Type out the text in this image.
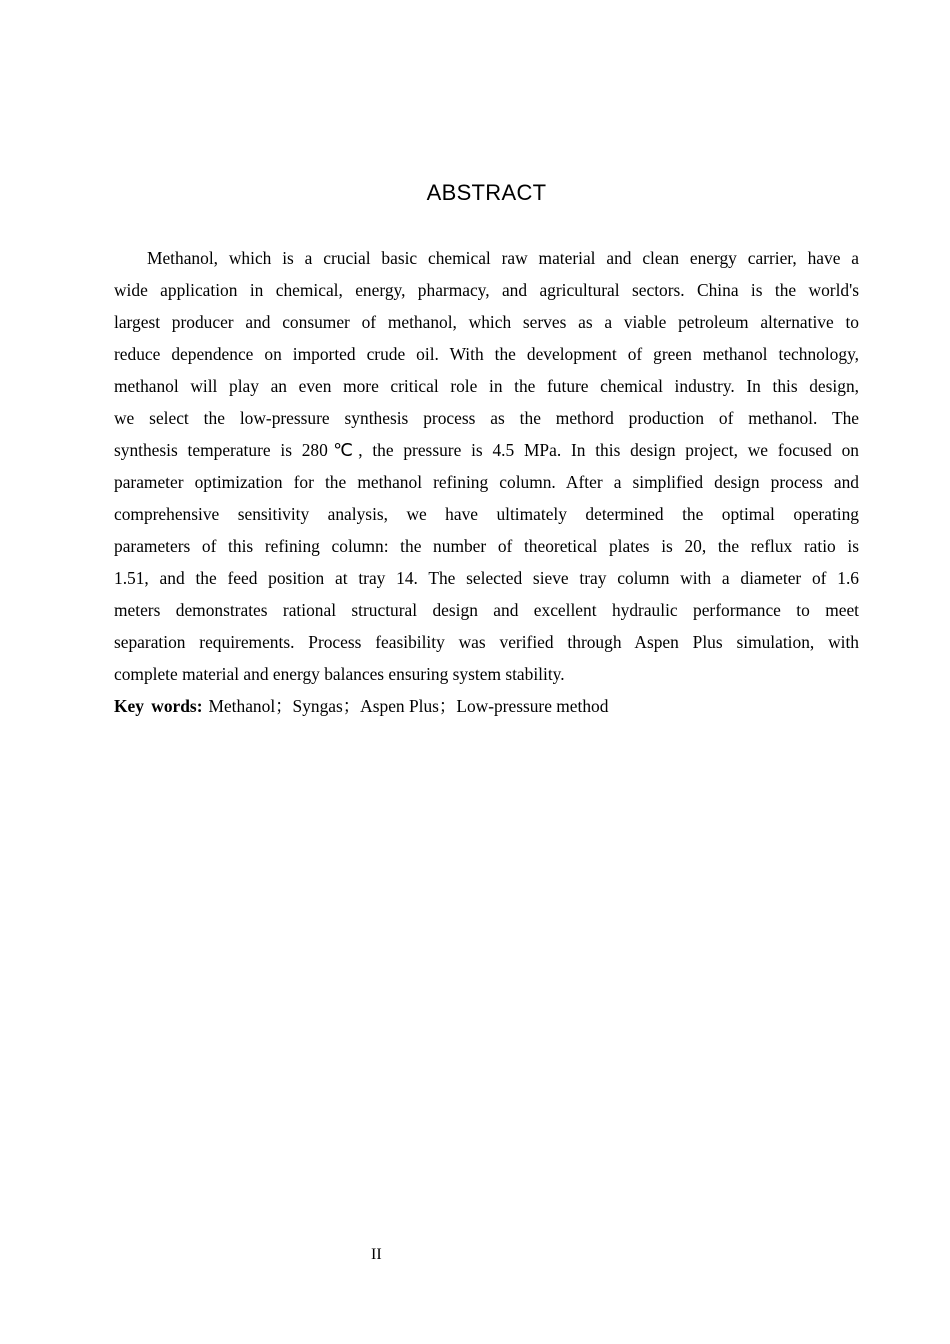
ABSTRACT

Methanol, which is a crucial basic chemical raw material and clean energy carrier, have a
wide application in chemical, energy, pharmacy, and agricultural sectors. China is the world's
largest producer and consumer of methanol, which serves as a viable petroleum alternative to
reduce dependence on imported crude oil. With the development of green methanol technology,
methanol will play an even more critical role in the future chemical industry. In this design,
we select the low-pressure synthesis process as the methord production of methanol. The
synthesis temperature is 280℃, the pressure is 4.5 MPa. In this design project, we focused on
parameter optimization for the methanol refining column. After a simplified design process and
comprehensive sensitivity analysis, we have ultimately determined the optimal operating
parameters of this refining column: the number of theoretical plates is 20, the reflux ratio is
1.51, and the feed position at tray 14. The selected sieve tray column with a diameter of 1.6
meters demonstrates rational structural design and excellent hydraulic performance to meet
separation requirements. Process feasibility was verified through Aspen Plus simulation, with
complete material and energy balances ensuring system stability.

Key words: Methanol；Syngas；Aspen Plus；Low-pressure method
II
